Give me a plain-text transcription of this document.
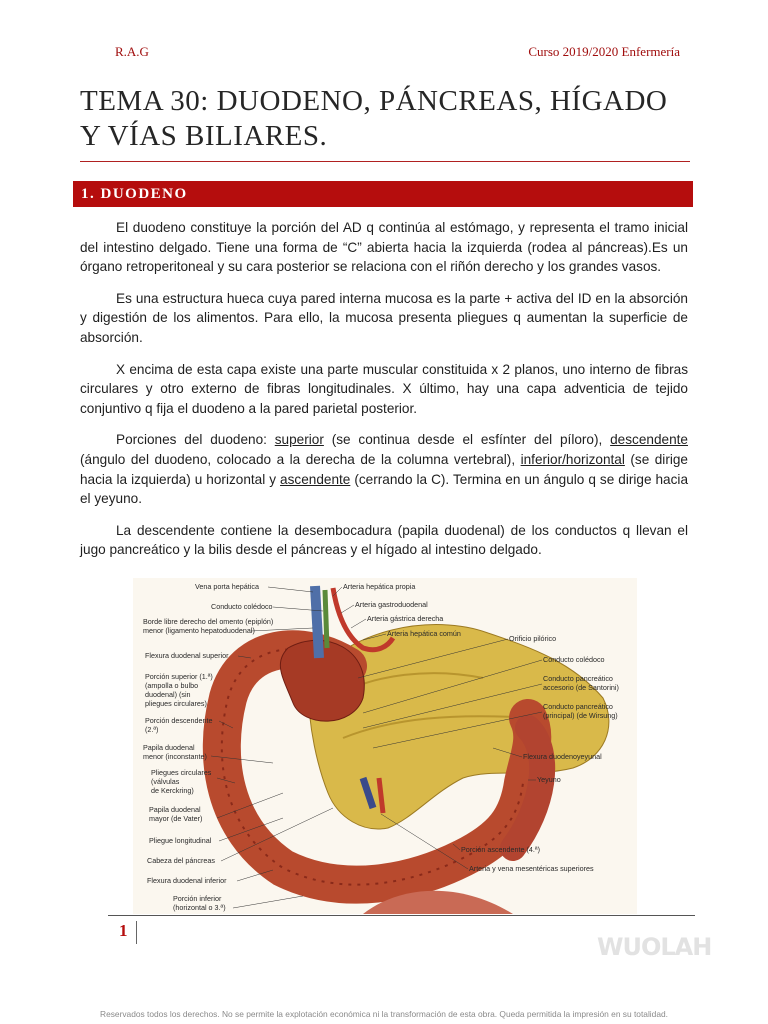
R.A.G	Curso 2019/2020 Enfermería
TEMA 30: DUODENO, PÁNCREAS, HÍGADO
Y VÍAS BILIARES.
1. DUODENO

El duodeno constituye la porción del AD q continúa al estómago, y representa el tramo inicial del intestino delgado. Tiene una forma de “C” abierta hacia la izquierda (rodea al páncreas).Es un órgano retroperitoneal y su cara posterior se relaciona con el riñón derecho y los grandes vasos.

Es una estructura hueca cuya pared interna mucosa es la parte + activa del ID en la absorción y digestión de los alimentos. Para ello, la mucosa presenta pliegues q aumentan la superficie de absorción.

X encima de esta capa existe una parte muscular constituida x 2 planos, uno interno de fibras circulares y otro externo de fibras longitudinales. X último, hay una capa adventicia de tejido conjuntivo q fija el duodeno a la pared parietal posterior.

Porciones del duodeno: superior (se continua desde el esfínter del píloro), descendente (ángulo del duodeno, colocado a la derecha de la columna vertebral), inferior/horizontal (se dirige hacia la izquierda) u horizontal y ascendente (cerrando la C). Termina en un ángulo q se dirige hacia el yeyuno.

La descendente contiene la desembocadura (papila duodenal) de los conductos q llevan el jugo pancreático y la bilis desde el páncreas y el hígado al intestino delgado.

Vena porta hepática
Conducto colédoco
Borde libre derecho del omento (epiplón)
menor (ligamento hepatoduodenal)
Flexura duodenal superior
Porción superior (1.ª)
(ampolla o bulbo
duodenal) (sin
pliegues circulares)
Porción descendente
(2.ª)
Papila duodenal
menor (inconstante)
Pliegues circulares
(válvulas
de Kerckring)
Papila duodenal
mayor (de Vater)
Pliegue longitudinal
Cabeza del páncreas
Flexura duodenal inferior
Porción inferior
(horizontal o 3.ª)
Arteria hepática propia
Arteria gastroduodenal
Arteria gástrica derecha
Arteria hepática común
Orificio pilórico
Conducto colédoco
Conducto pancreático
accesorio (de Santorini)
Conducto pancreático
(principal) (de Wirsung)
Flexura duodenoyeyunal
Yeyuno
Porción ascendente (4.ª)
Arteria y vena mesentéricas superiores
1
WUOLAH
Reservados todos los derechos. No se permite la explotación económica ni la transformación de esta obra. Queda permitida la impresión en su totalidad.
